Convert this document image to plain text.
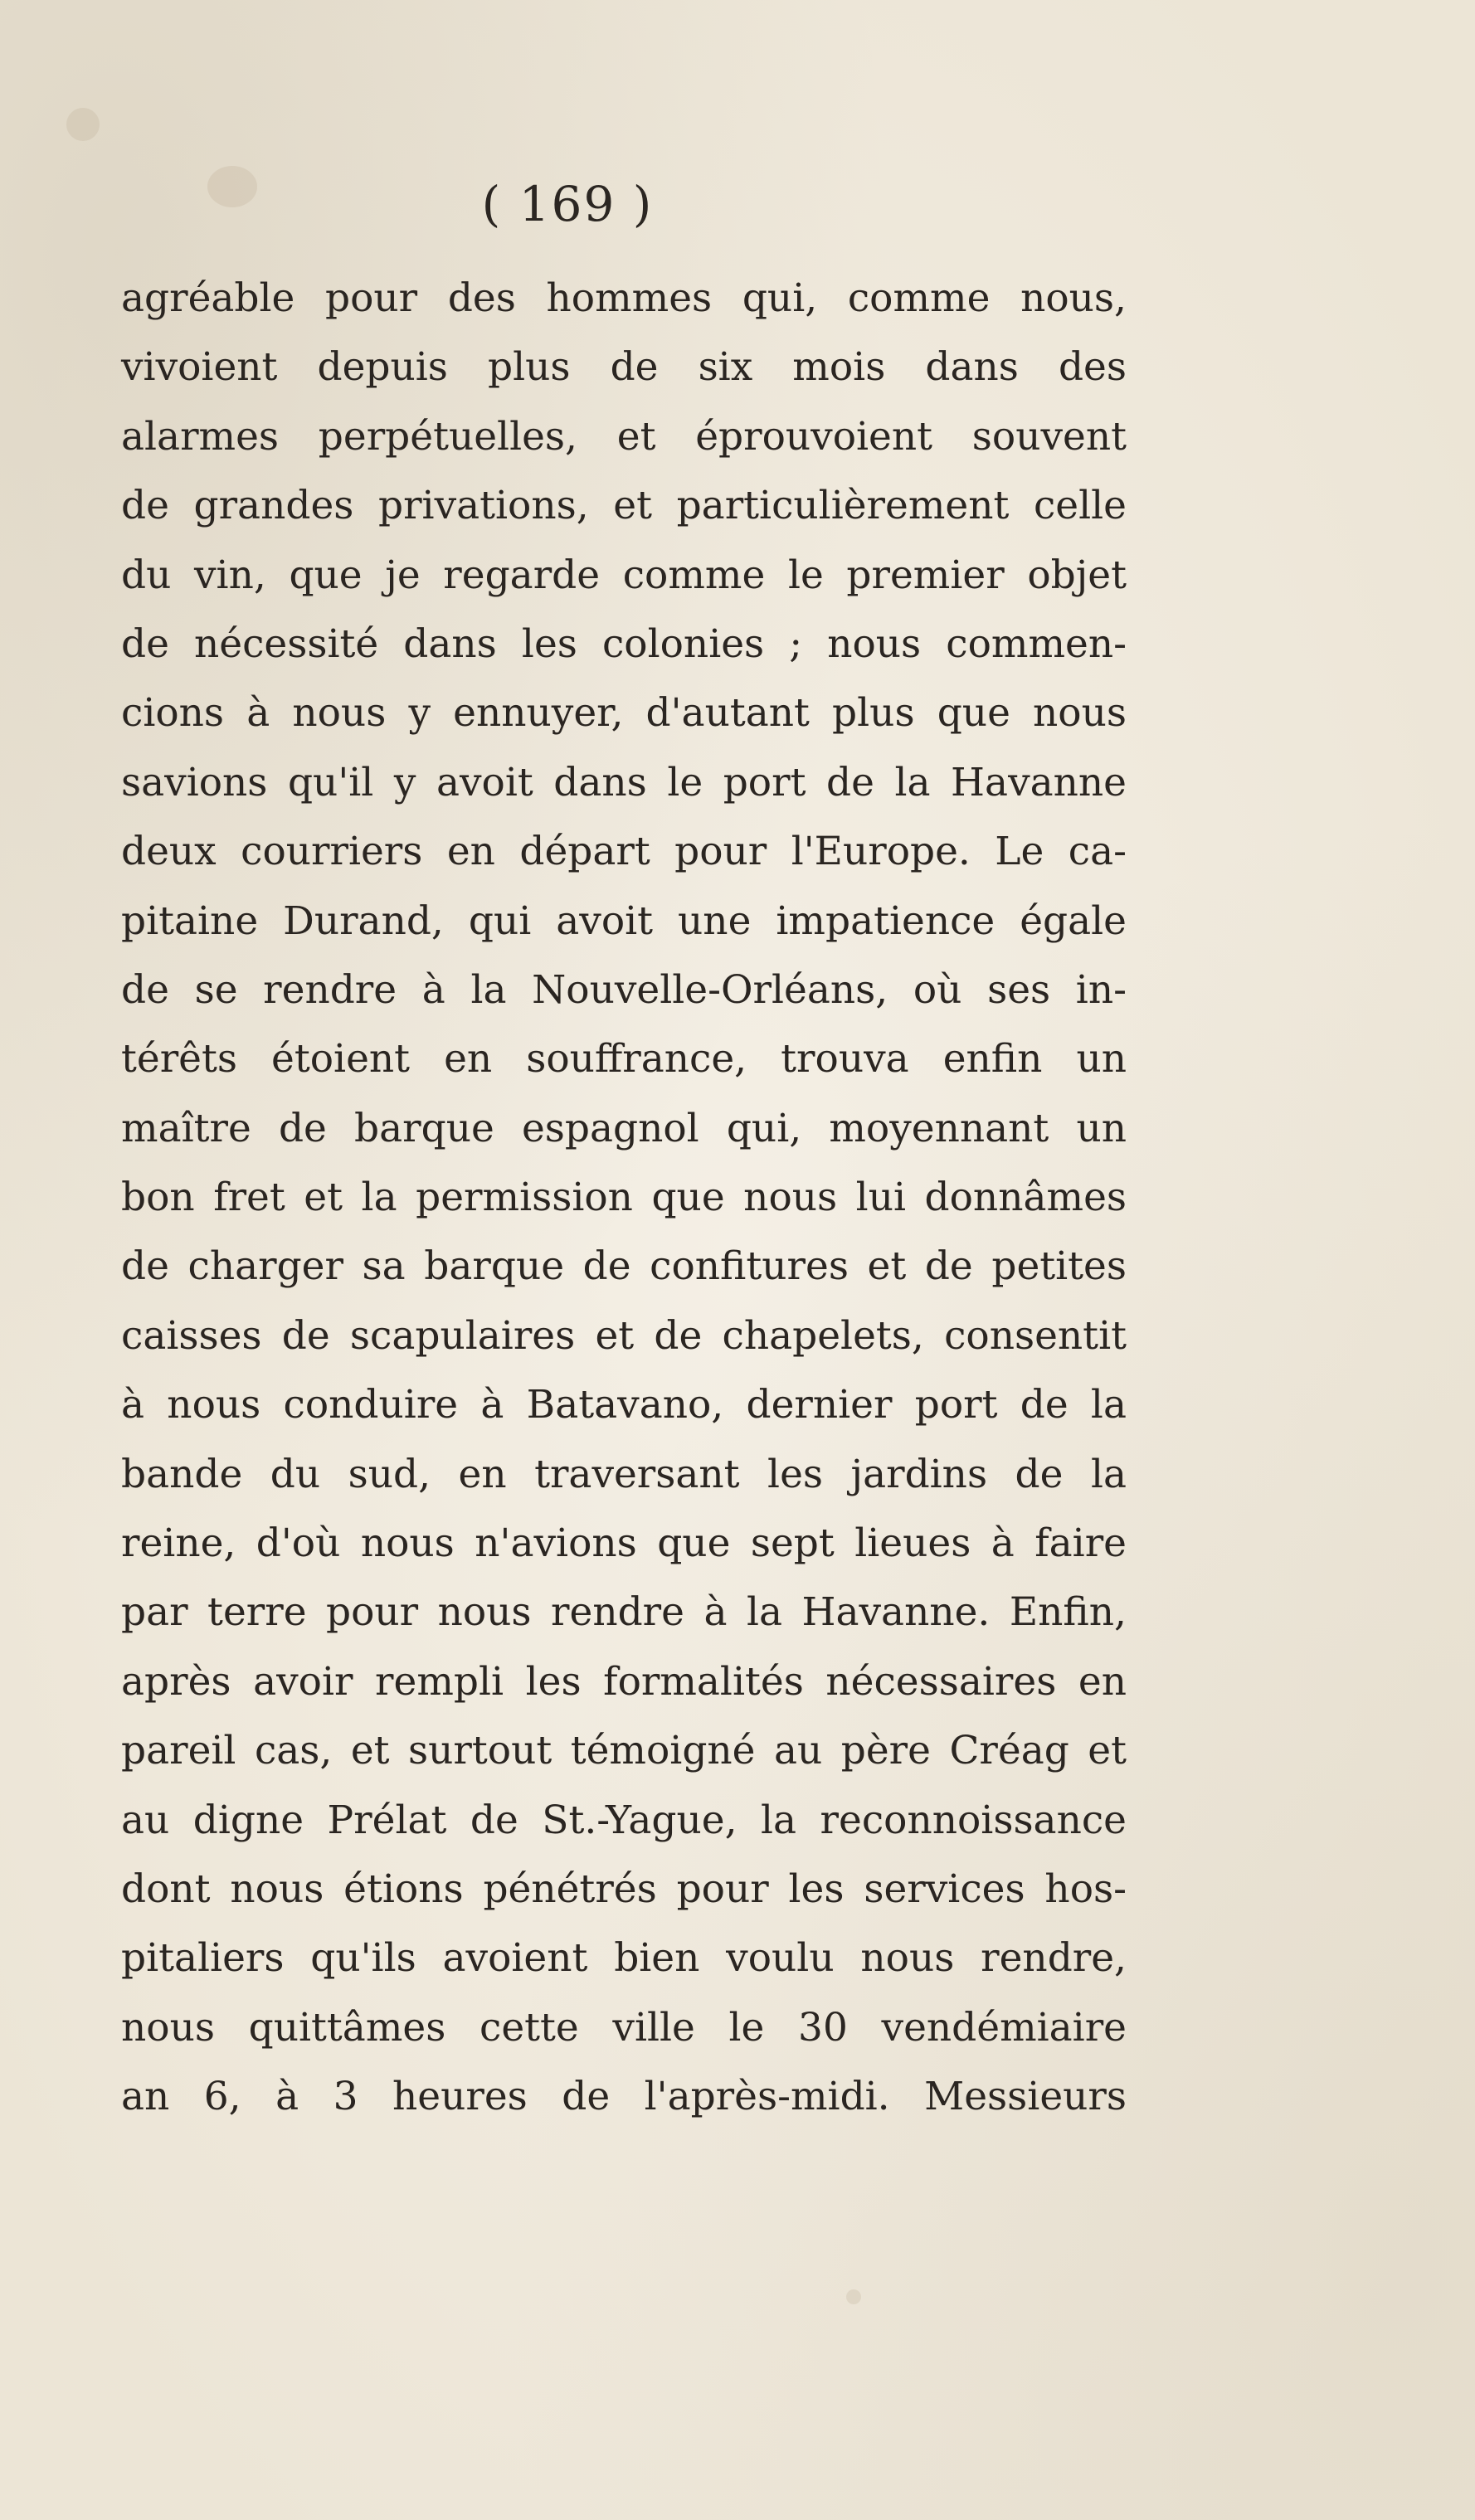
( 169 )
agréable pour des hommes qui, comme nous,
vivoient depuis plus de six mois dans des
alarmes perpétuelles, et éprouvoient souvent
de grandes privations, et particulièrement celle
du vin, que je regarde comme le premier objet
de nécessité dans les colonies ; nous commen-
cions à nous y ennuyer, d'autant plus que nous
savions qu'il y avoit dans le port de la Havanne
deux courriers en départ pour l'Europe. Le ca-
pitaine Durand, qui avoit une impatience égale
de se rendre à la Nouvelle-Orléans, où ses in-
térêts étoient en souffrance, trouva enfin un
maître de barque espagnol qui, moyennant un
bon fret et la permission que nous lui donnâmes
de charger sa barque de confitures et de petites
caisses de scapulaires et de chapelets, consentit
à nous conduire à Batavano, dernier port de la
bande du sud, en traversant les jardins de la
reine, d'où nous n'avions que sept lieues à faire
par terre pour nous rendre à la Havanne. Enfin,
après avoir rempli les formalités nécessaires en
pareil cas, et surtout témoigné au père Créag et
au digne Prélat de St.-Yague, la reconnoissance
dont nous étions pénétrés pour les services hos-
pitaliers qu'ils avoient bien voulu nous rendre,
nous quittâmes cette ville le 30 vendémiaire
an 6, à 3 heures de l'après-midi. Messieurs
